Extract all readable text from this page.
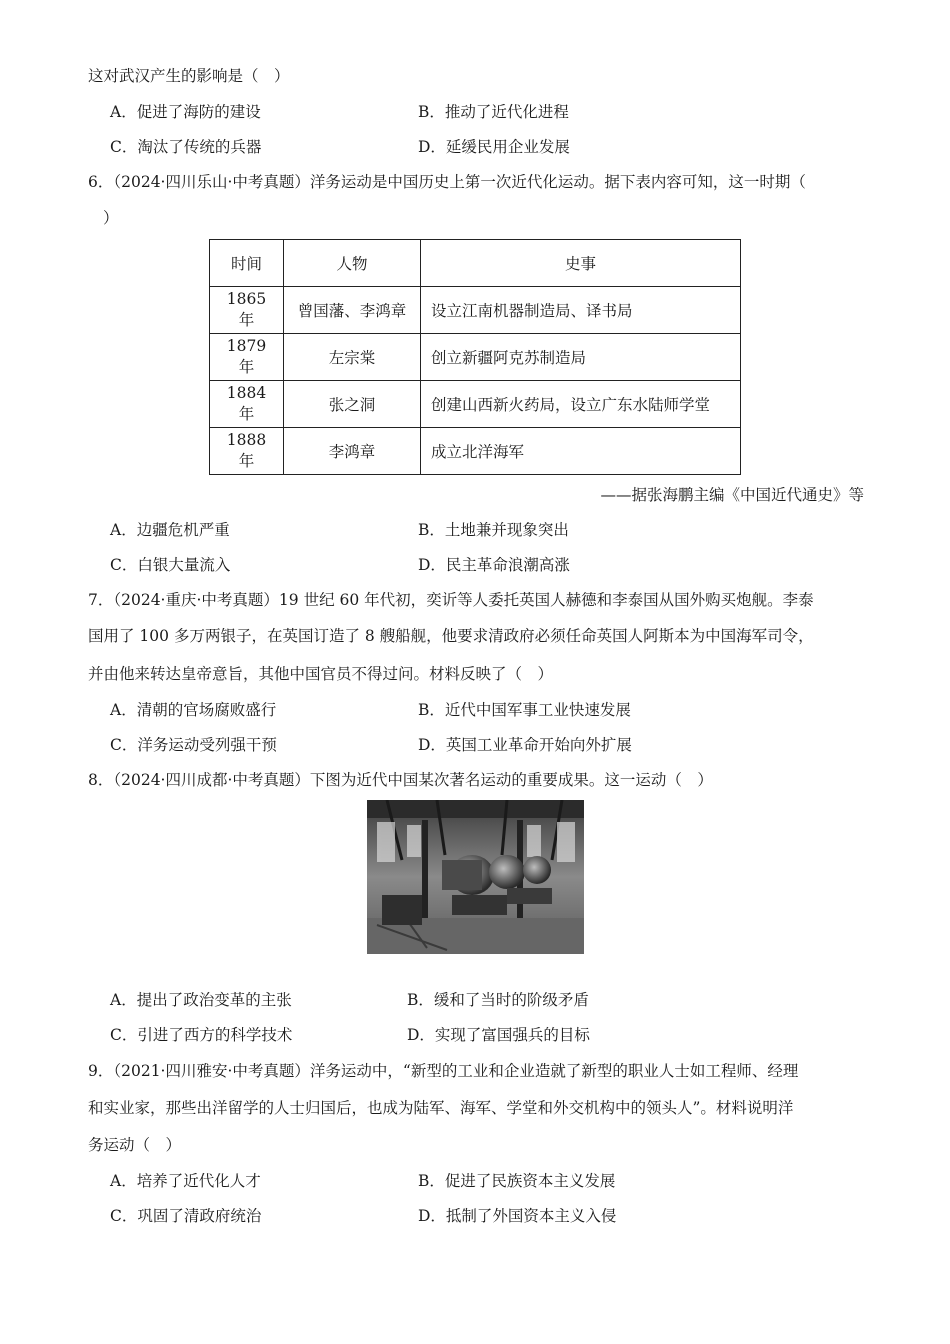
这对武汉产生的影响是（　）
A．促进了海防的建设	B．推动了近代化进程
C．淘汰了传统的兵器	D．延缓民用企业发展
6．（2024·四川乐山·中考真题）洋务运动是中国历史上第一次近代化运动。据下表内容可知，这一时期（
）
时间	人物	史事
1865 年	曾国藩、李鸿章	设立江南机器制造局、译书局
1879 年	左宗棠	创立新疆阿克苏制造局
1884 年	张之洞	创建山西新火药局，设立广东水陆师学堂
1888 年	李鸿章	成立北洋海军
——据张海鹏主编《中国近代通史》等
A．边疆危机严重	B．土地兼并现象突出
C．白银大量流入	D．民主革命浪潮高涨
7．（2024·重庆·中考真题）19 世纪 60 年代初，奕䜣等人委托英国人赫德和李泰国从国外购买炮舰。李泰
国用了 100 多万两银子，在英国订造了 8 艘船舰，他要求清政府必须任命英国人阿斯本为中国海军司令，
并由他来转达皇帝意旨，其他中国官员不得过问。材料反映了（　）
A．清朝的官场腐败盛行	B．近代中国军事工业快速发展
C．洋务运动受列强干预	D．英国工业革命开始向外扩展
8．（2024·四川成都·中考真题）下图为近代中国某次著名运动的重要成果。这一运动（　）
A．提出了政治变革的主张	B．缓和了当时的阶级矛盾
C．引进了西方的科学技术	D．实现了富国强兵的目标
9．（2021·四川雅安·中考真题）洋务运动中，“新型的工业和企业造就了新型的职业人士如工程师、经理
和实业家，那些出洋留学的人士归国后，也成为陆军、海军、学堂和外交机构中的领头人”。材料说明洋
务运动（　）
A．培养了近代化人才	B．促进了民族资本主义发展
C．巩固了清政府统治	D．抵制了外国资本主义入侵
